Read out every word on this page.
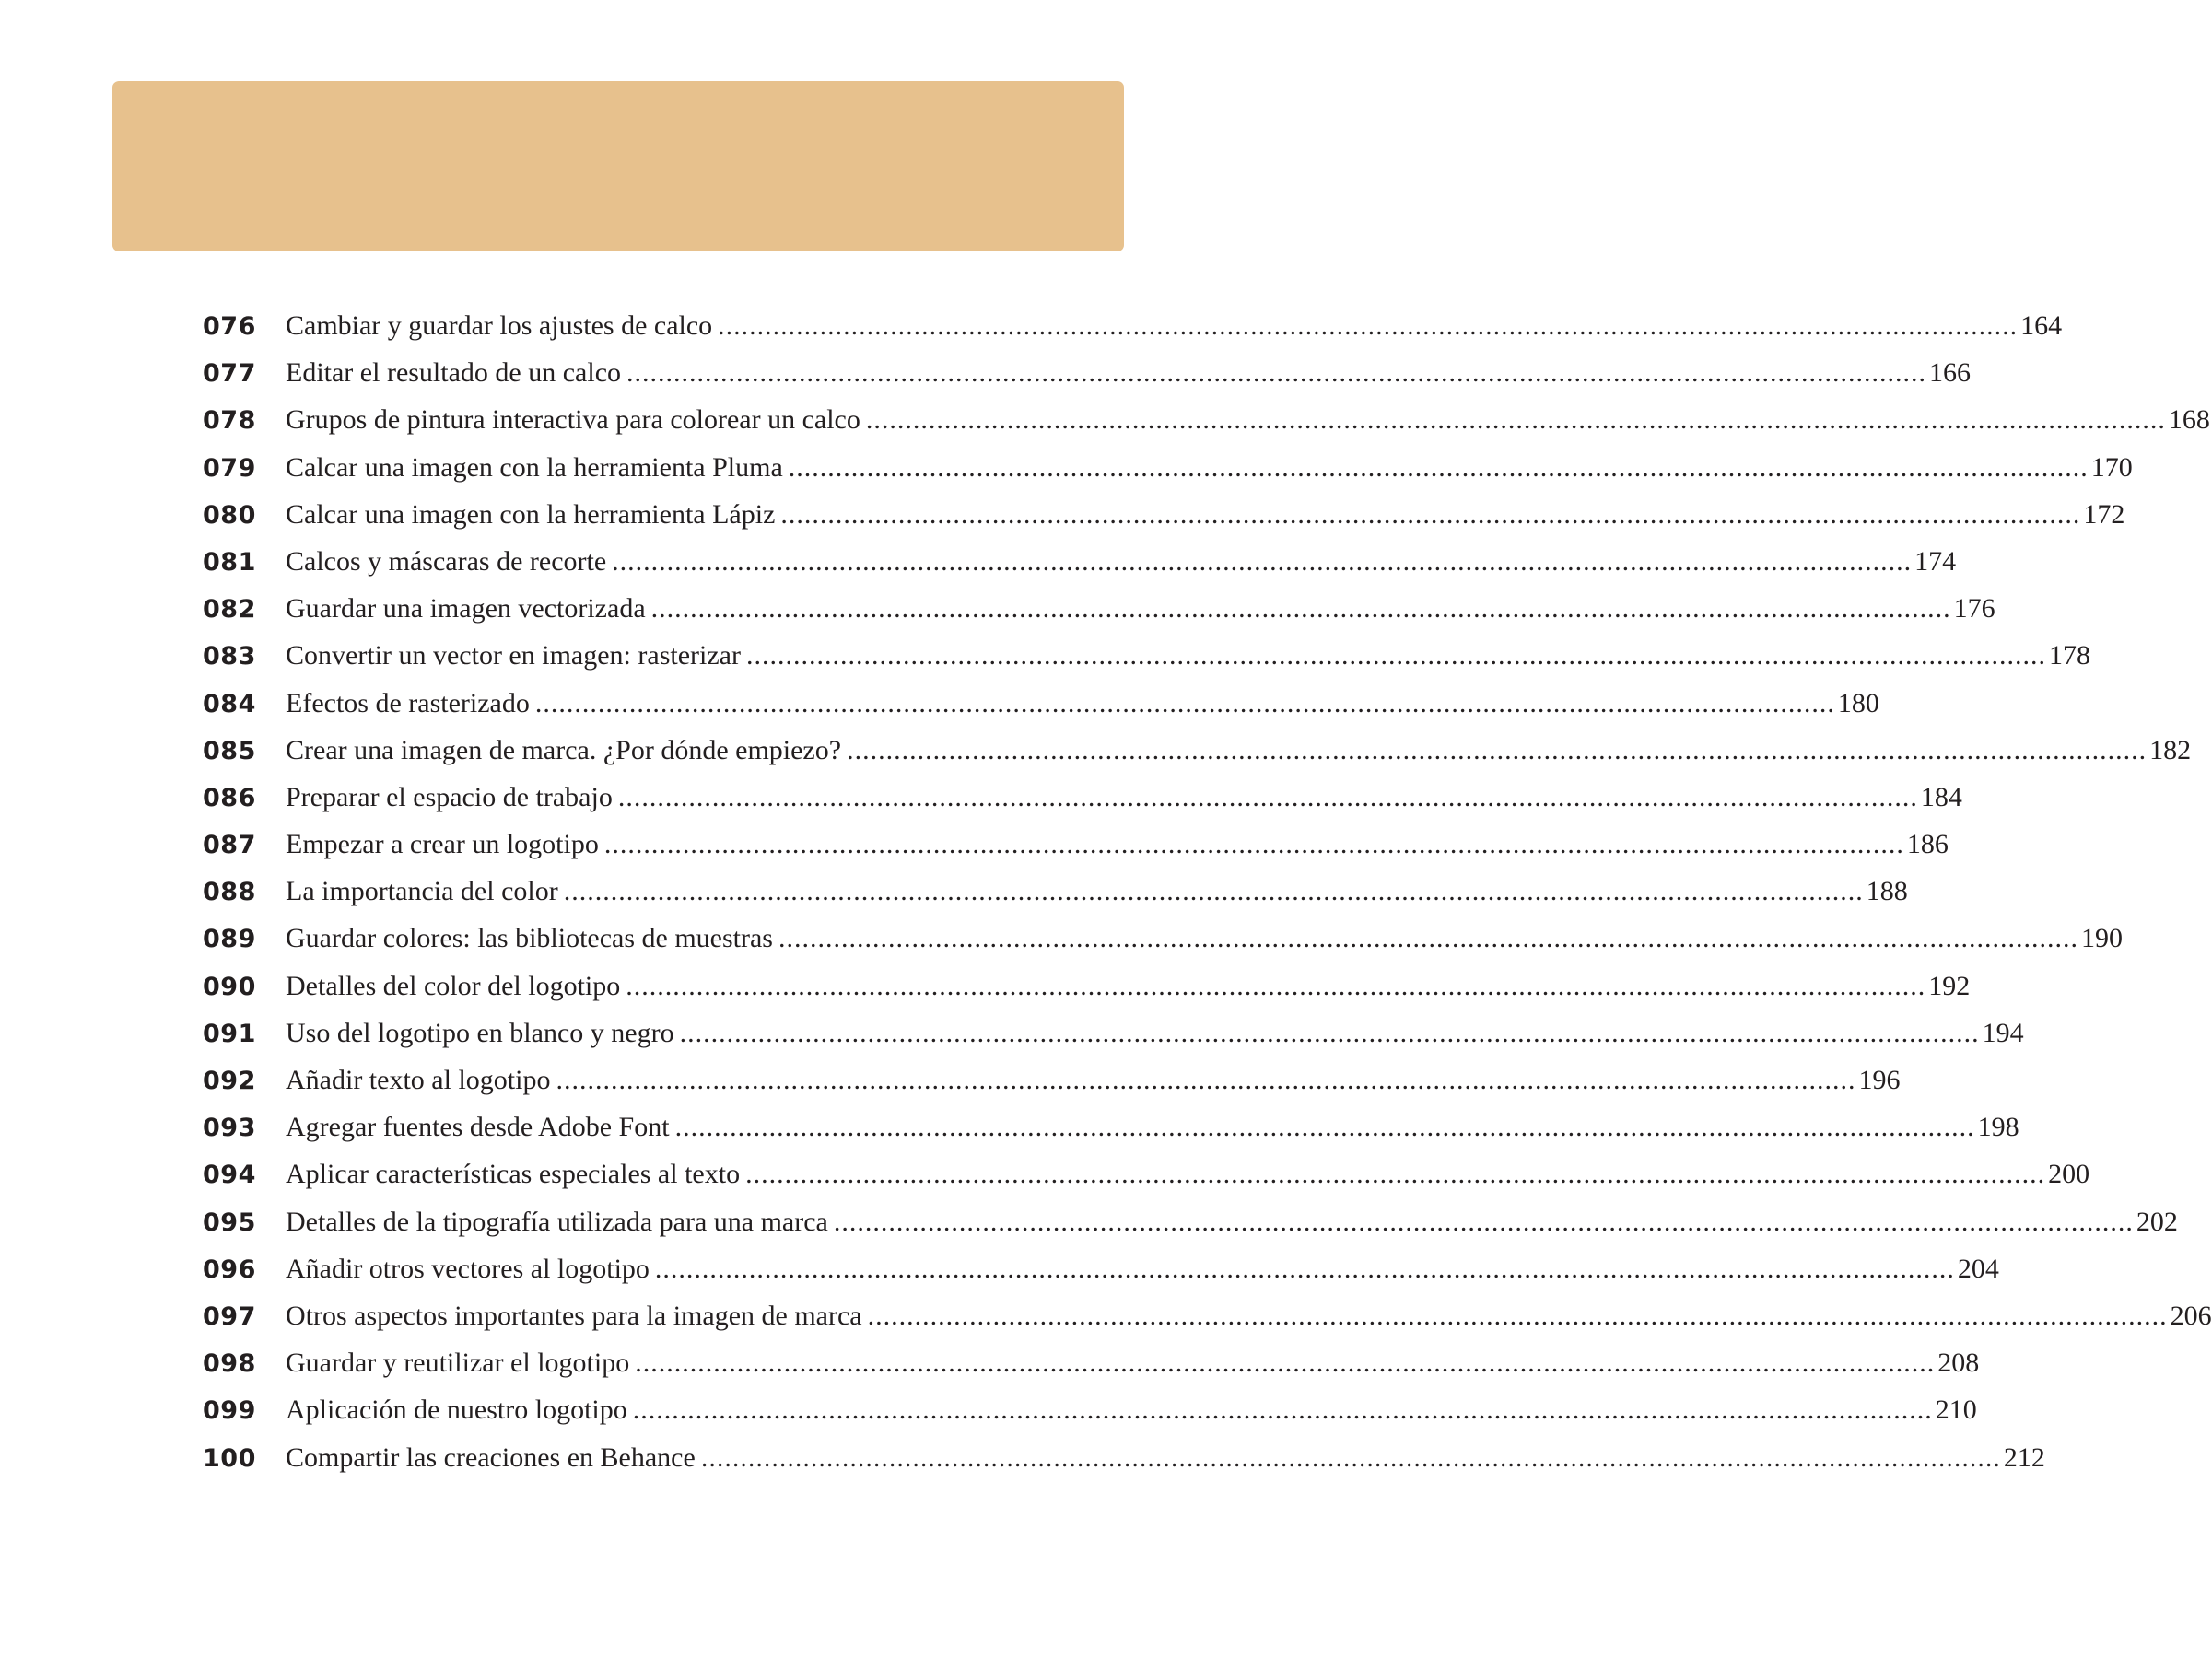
076	Cambiar y guardar los ajustes de calco ...................................................................................................................................................................... 164
077	Editar el resultado de un calco ...................................................................................................................................................................... 166
078	Grupos de pintura interactiva para colorear un calco ...................................................................................................................................................................... 168
079	Calcar una imagen con la herramienta Pluma ...................................................................................................................................................................... 170
080	Calcar una imagen con la herramienta Lápiz ...................................................................................................................................................................... 172
081	Calcos y máscaras de recorte ...................................................................................................................................................................... 174
082	Guardar una imagen vectorizada ...................................................................................................................................................................... 176
083	Convertir un vector en imagen: rasterizar ...................................................................................................................................................................... 178
084	Efectos de rasterizado ...................................................................................................................................................................... 180
085	Crear una imagen de marca. ¿Por dónde empiezo? ...................................................................................................................................................................... 182
086	Preparar el espacio de trabajo ...................................................................................................................................................................... 184
087	Empezar a crear un logotipo ...................................................................................................................................................................... 186
088	La importancia del color ...................................................................................................................................................................... 188
089	Guardar colores: las bibliotecas de muestras ...................................................................................................................................................................... 190
090	Detalles del color del logotipo ...................................................................................................................................................................... 192
091	Uso del logotipo en blanco y negro ...................................................................................................................................................................... 194
092	Añadir texto al logotipo ...................................................................................................................................................................... 196
093	Agregar fuentes desde Adobe Font ...................................................................................................................................................................... 198
094	Aplicar características especiales al texto ...................................................................................................................................................................... 200
095	Detalles de la tipografía utilizada para una marca ...................................................................................................................................................................... 202
096	Añadir otros vectores al logotipo ...................................................................................................................................................................... 204
097	Otros aspectos importantes para la imagen de marca ...................................................................................................................................................................... 206
098	Guardar y reutilizar el logotipo ...................................................................................................................................................................... 208
099	Aplicación de nuestro logotipo ...................................................................................................................................................................... 210
100	Compartir las creaciones en Behance ...................................................................................................................................................................... 212
